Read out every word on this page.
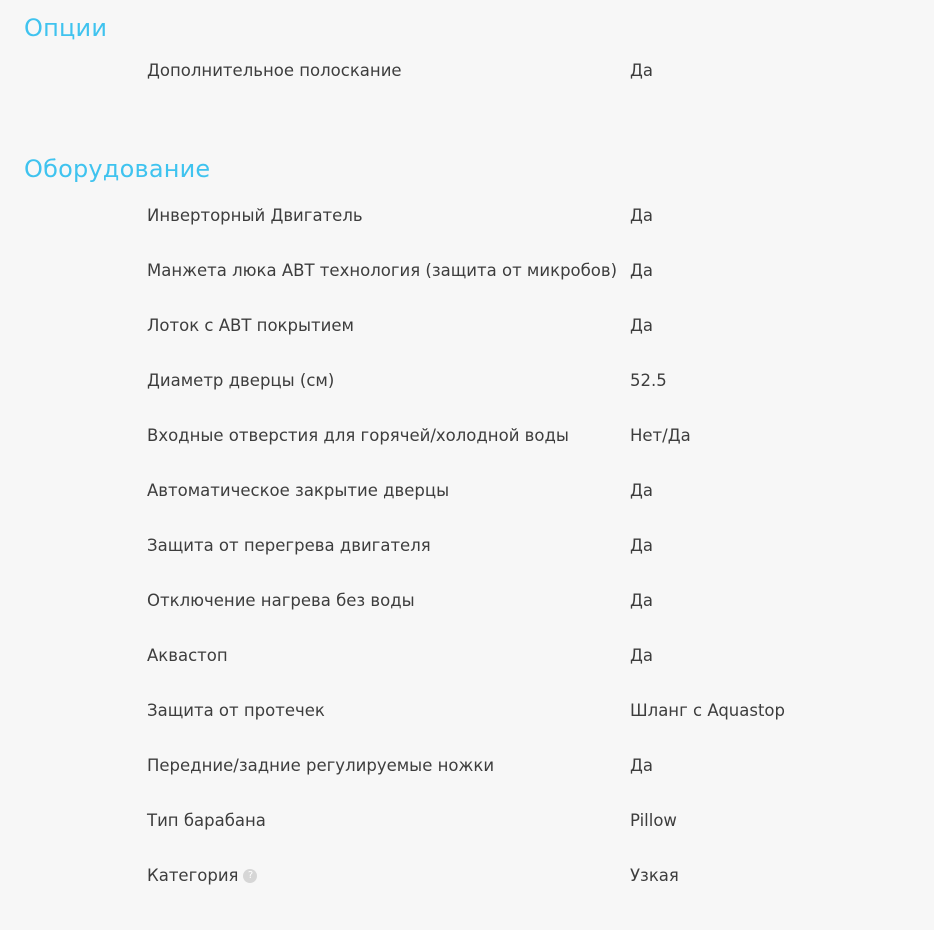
Опции
Дополнительное полоскание	Да
Оборудование
Инверторный Двигатель	Да
Манжета люка ABT технология (защита от микробов) Да
Лоток с ABT покрытием	Да
Диаметр дверцы (см)	52.5
Входные отверстия для горячей/холодной воды	Нет/Да
Автоматическое закрытие дверцы	Да
Защита от перегрева двигателя	Да
Отключение нагрева без воды	Да
Аквастоп	Да
Защита от протечек	Шланг с Aquastop
Передние/задние регулируемые ножки	Да
Тип барабана	Pillow
Категория ?	Узкая
